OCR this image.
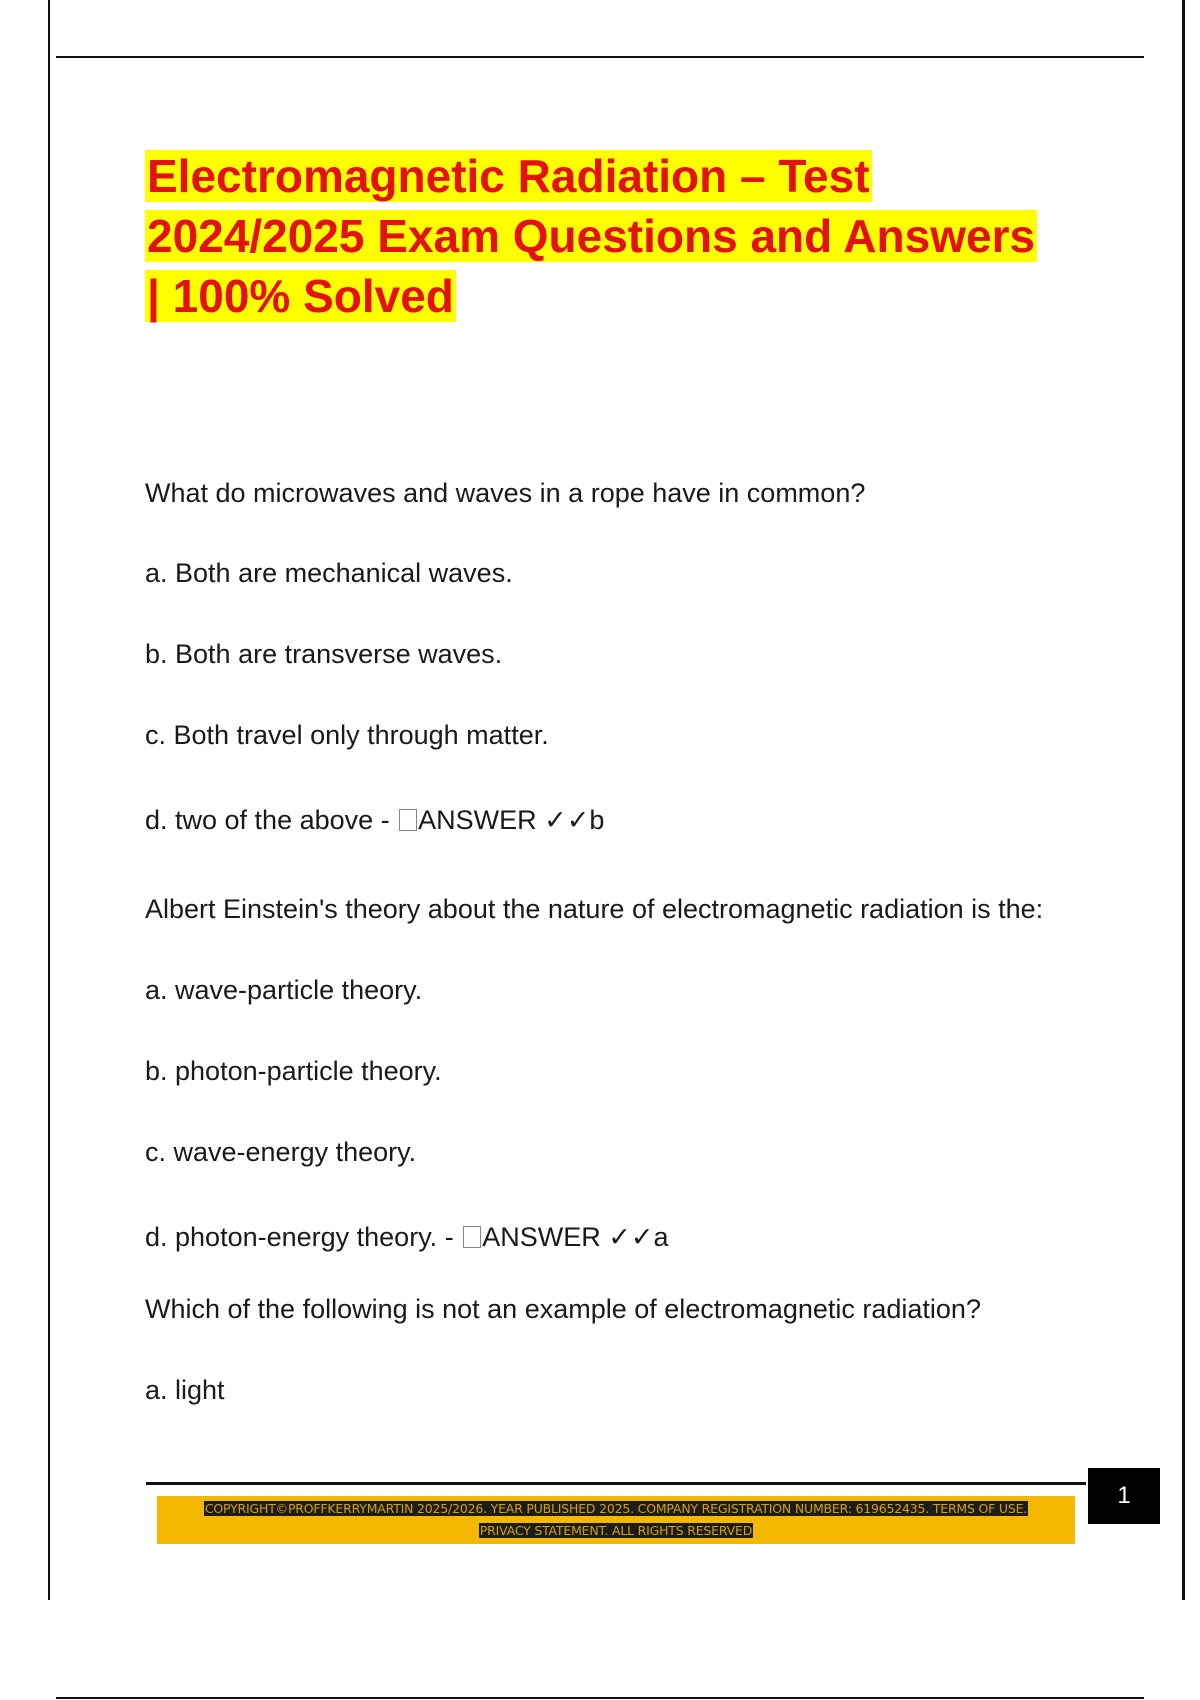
Electromagnetic Radiation – Test
2024/2025 Exam Questions and Answers
| 100% Solved

What do microwaves and waves in a rope have in common?

a. Both are mechanical waves.

b. Both are transverse waves.

c. Both travel only through matter.

d. two of the above - ANSWER ✓✓b

Albert Einstein's theory about the nature of electromagnetic radiation is the:

a. wave-particle theory.

b. photon-particle theory.

c. wave-energy theory.

d. photon-energy theory. - ANSWER ✓✓a

Which of the following is not an example of electromagnetic radiation?

a. light

1
COPYRIGHT©PROFFKERRYMARTIN 2025/2026. YEAR PUBLISHED 2025. COMPANY REGISTRATION NUMBER: 619652435. TERMS OF USE.
PRIVACY STATEMENT. ALL RIGHTS RESERVED
